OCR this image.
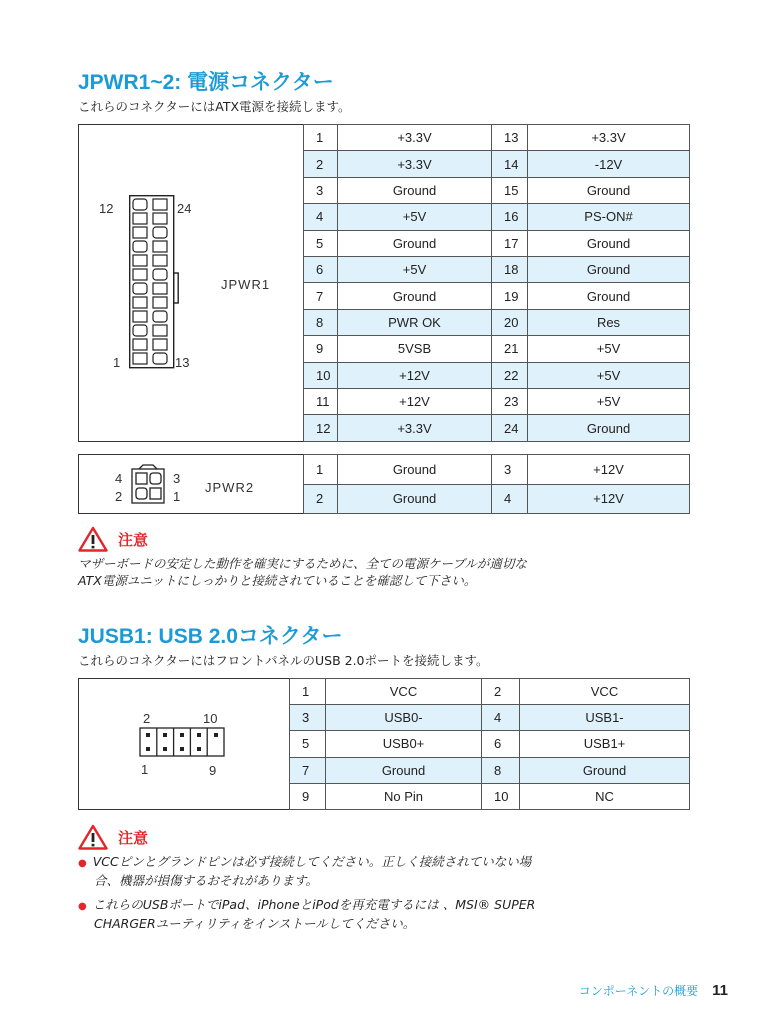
JPWR1~2: 電源コネクター
これらのコネクターにはATX電源を接続します。
12	24
1	13
JPWR1
1	+3.3V	13	+3.3V
2	+3.3V	14	-12V
3	Ground	15	Ground
4	+5V	16	PS-ON#
5	Ground	17	Ground
6	+5V	18	Ground
7	Ground	19	Ground
8	PWR OK	20	Res
9	5VSB	21	+5V
10	+12V	22	+5V
11	+12V	23	+5V
12	+3.3V	24	Ground
4	3
2	1
JPWR2
1	Ground	3	+12V
2	Ground	4	+12V
注意
マザーボードの安定した動作を確実にするために、全ての電源ケーブルが適切な
ATX電源ユニットにしっかりと接続されていることを確認して下さい。
JUSB1: USB 2.0コネクター
これらのコネクターにはフロントパネルのUSB 2.0ポートを接続します。
2	10
1	9
1	VCC	2	VCC
3	USB0-	4	USB1-
5	USB0+	6	USB1+
7	Ground	8	Ground
9	No Pin	10	NC
注意
● VCCピンとグランドピンは必ず接続してください。正しく接続されていない場
合、機器が損傷するおそれがあります。
● これらのUSBポートでiPad、iPhoneとiPodを再充電するには 、MSI® SUPER
CHARGERユーティリティをインストールしてください。
コンポーネントの概要 11
